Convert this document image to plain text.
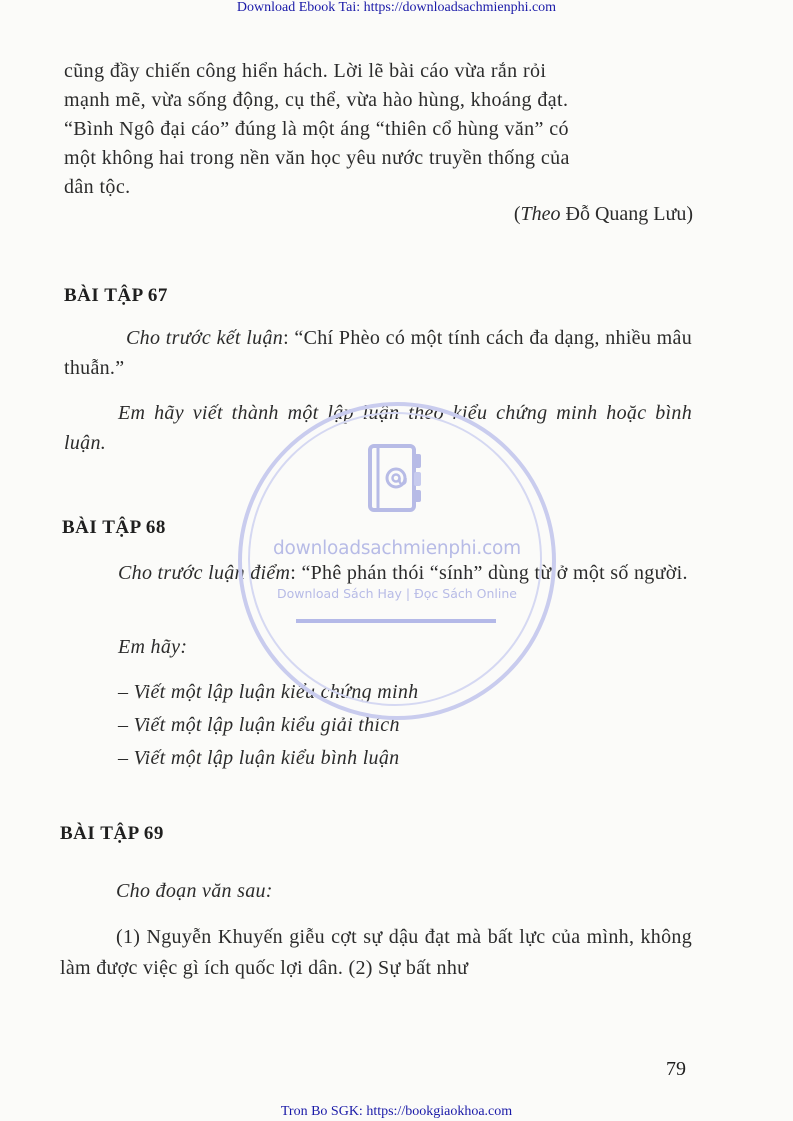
Download Ebook Tai: https://downloadsachmienphi.com
cũng đầy chiến công hiển hách. Lời lẽ bài cáo vừa rắn rỏi
mạnh mẽ, vừa sống động, cụ thể, vừa hào hùng, khoáng đạt.
“Bình Ngô đại cáo” đúng là một áng “thiên cổ hùng văn” có
một không hai trong nền văn học yêu nước truyền thống của
dân tộc.
(Theo Đỗ Quang Lưu)
BÀI TẬP 67
Cho trước kết luận: “Chí Phèo có một tính cách đa dạng, nhiều mâu thuẫn.”
Em hãy viết thành một lập luận theo kiểu chứng minh hoặc bình luận.
BÀI TẬP 68
Cho trước luận điểm: “Phê phán thói “sính” dùng từ ở một số người.
Em hãy:
– Viết một lập luận kiểu chứng minh
– Viết một lập luận kiểu giải thích
– Viết một lập luận kiểu bình luận
BÀI TẬP 69
Cho đoạn văn sau:
(1) Nguyễn Khuyến giễu cợt sự dậu đạt mà bất lực của mình, không làm được việc gì ích quốc lợi dân. (2) Sự bất như
79
downloadsachmienphi.com
Download Sách Hay | Đọc Sách Online
Tron Bo SGK: https://bookgiaokhoa.com
